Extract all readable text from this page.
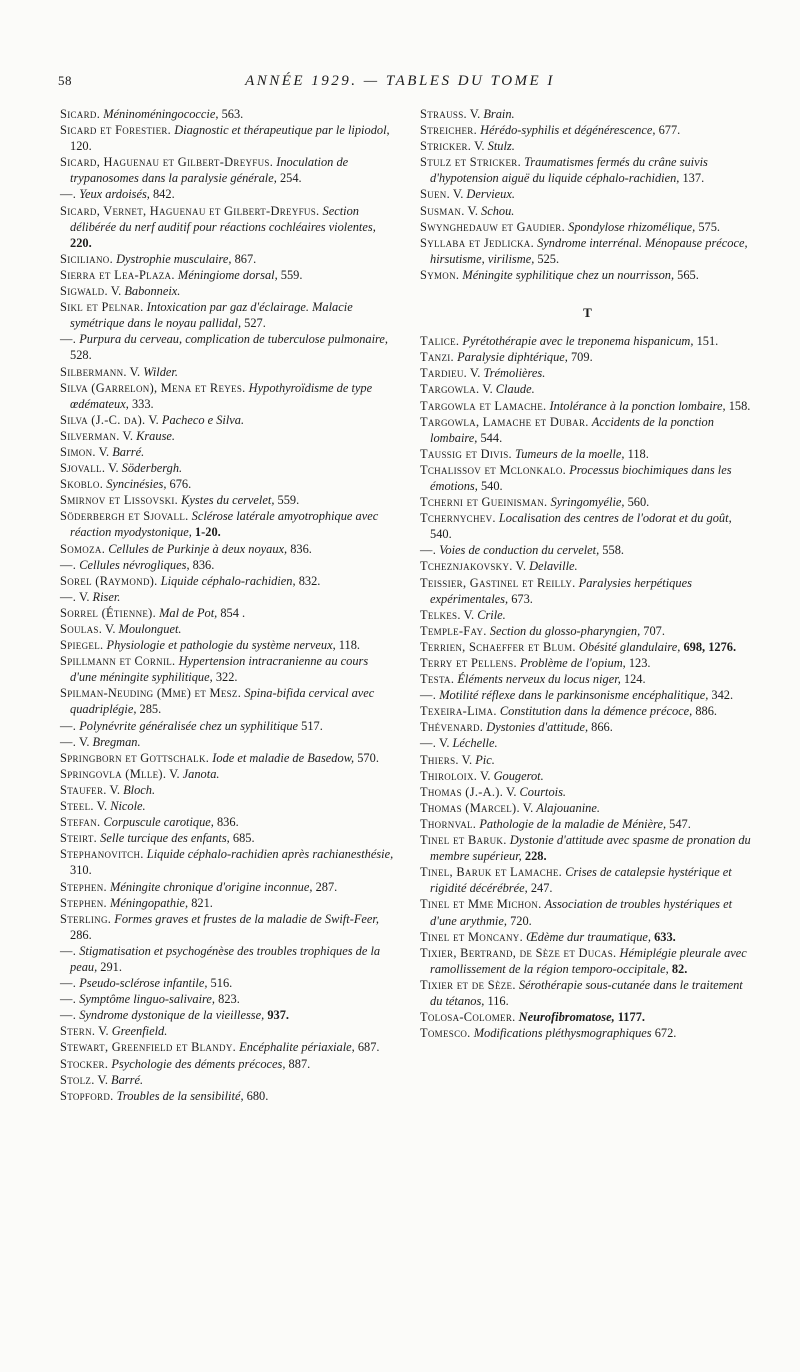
58	ANNÉE 1929. — TABLES DU TOME I

Sicard. Méninoméningococcie, 563.

Sicard et Forestier. Diagnostic et thérapeutique par le lipiodol, 120.

Sicard, Haguenau et Gilbert-Dreyfus. Inoculation de trypanosomes dans la paralysie générale, 254.

—. Yeux ardoisés, 842.

Sicard, Vernet, Haguenau et Gilbert-Dreyfus. Section délibérée du nerf auditif pour réactions cochléaires violentes, 220.

Siciliano. Dystrophie musculaire, 867.

Sierra et Lea-Plaza. Méningiome dorsal, 559.

Sigwald. V. Babonneix.

Sikl et Pelnar. Intoxication par gaz d'éclairage. Malacie symétrique dans le noyau pallidal, 527.

—. Purpura du cerveau, complication de tuberculose pulmonaire, 528.

Silbermann. V. Wilder.

Silva (Garrelon), Mena et Reyes. Hypothyroïdisme de type œdémateux, 333.

Silva (J.-C. da). V. Pacheco e Silva.

Silverman. V. Krause.

Simon. V. Barré.

Sjovall. V. Söderbergh.

Skoblo. Syncinésies, 676.

Smirnov et Lissovski. Kystes du cervelet, 559.

Söderbergh et Sjovall. Sclérose latérale amyotrophique avec réaction myodystonique, 1-20.

Somoza. Cellules de Purkinje à deux noyaux, 836.

—. Cellules névrogliques, 836.

Sorel (Raymond). Liquide céphalo-rachidien, 832.

—. V. Riser.

Sorrel (Étienne). Mal de Pot, 854 .

Soulas. V. Moulonguet.

Spiegel. Physiologie et pathologie du système nerveux, 118.

Spillmann et Cornil. Hypertension intracranienne au cours d'une méningite syphilitique, 322.

Spilman-Neuding (Mme) et Mesz. Spina-bifida cervical avec quadriplégie, 285.

—. Polynévrite généralisée chez un syphilitique 517.

—. V. Bregman.

Springborn et Gottschalk. Iode et maladie de Basedow, 570.

Springovla (Mlle). V. Janota.

Staufer. V. Bloch.

Steel. V. Nicole.

Stefan. Corpuscule carotique, 836.

Steirt. Selle turcique des enfants, 685.

Stephanovitch. Liquide céphalo-rachidien après rachianesthésie, 310.

Stephen. Méningite chronique d'origine inconnue, 287.

Stephen. Méningopathie, 821.

Sterling. Formes graves et frustes de la maladie de Swift-Feer, 286.

—. Stigmatisation et psychogénèse des troubles trophiques de la peau, 291.

—. Pseudo-sclérose infantile, 516.

—. Symptôme linguo-salivaire, 823.

—. Syndrome dystonique de la vieillesse, 937.

Stern. V. Greenfield.

Stewart, Greenfield et Blandy. Encéphalite périaxiale, 687.

Stocker. Psychologie des déments précoces, 887.

Stolz. V. Barré.

Stopford. Troubles de la sensibilité, 680.

Strauss. V. Brain.

Streicher. Hérédo-syphilis et dégénérescence, 677.

Stricker. V. Stulz.

Stulz et Stricker. Traumatismes fermés du crâne suivis d'hypotension aiguë du liquide céphalo-rachidien, 137.

Suen. V. Dervieux.

Susman. V. Schou.

Swynghedauw et Gaudier. Spondylose rhizomélique, 575.

Syllaba et Jedlicka. Syndrome interrénal. Ménopause précoce, hirsutisme, virilisme, 525.

Symon. Méningite syphilitique chez un nourrisson, 565.

T

Talice. Pyrétothérapie avec le treponema hispanicum, 151.

Tanzi. Paralysie diphtérique, 709.

Tardieu. V. Trémolières.

Targowla. V. Claude.

Targowla et Lamache. Intolérance à la ponction lombaire, 158.

Targowla, Lamache et Dubar. Accidents de la ponction lombaire, 544.

Taussig et Divis. Tumeurs de la moelle, 118.

Tchalissov et Mclonkalo. Processus biochimiques dans les émotions, 540.

Tcherni et Gueinisman. Syringomyélie, 560.

Tchernychev. Localisation des centres de l'odorat et du goût, 540.

—. Voies de conduction du cervelet, 558.

Tcheznjakovsky. V. Delaville.

Teissier, Gastinel et Reilly. Paralysies herpétiques expérimentales, 673.

Telkes. V. Crile.

Temple-Fay. Section du glosso-pharyngien, 707.

Terrien, Schaeffer et Blum. Obésité glandulaire, 698, 1276.

Terry et Pellens. Problème de l'opium, 123.

Testa. Éléments nerveux du locus niger, 124.

—. Motilité réflexe dans le parkinsonisme encéphalitique, 342.

Texeira-Lima. Constitution dans la démence précoce, 886.

Thévenard. Dystonies d'attitude, 866.

—. V. Léchelle.

Thiers. V. Pic.

Thiroloix. V. Gougerot.

Thomas (J.-A.). V. Courtois.

Thomas (Marcel). V. Alajouanine.

Thornval. Pathologie de la maladie de Ménière, 547.

Tinel et Baruk. Dystonie d'attitude avec spasme de pronation du membre supérieur, 228.

Tinel, Baruk et Lamache. Crises de catalepsie hystérique et rigidité décérébrée, 247.

Tinel et Mme Michon. Association de troubles hystériques et d'une arythmie, 720.

Tinel et Moncany. Œdème dur traumatique, 633.

Tixier, Bertrand, de Sèze et Ducas. Hémiplégie pleurale avec ramollissement de la région temporo-occipitale, 82.

Tixier et de Sèze. Sérothérapie sous-cutanée dans le traitement du tétanos, 116.

Tolosa-Colomer. Neurofibromatose, 1177.

Tomesco. Modifications pléthysmographiques 672.
